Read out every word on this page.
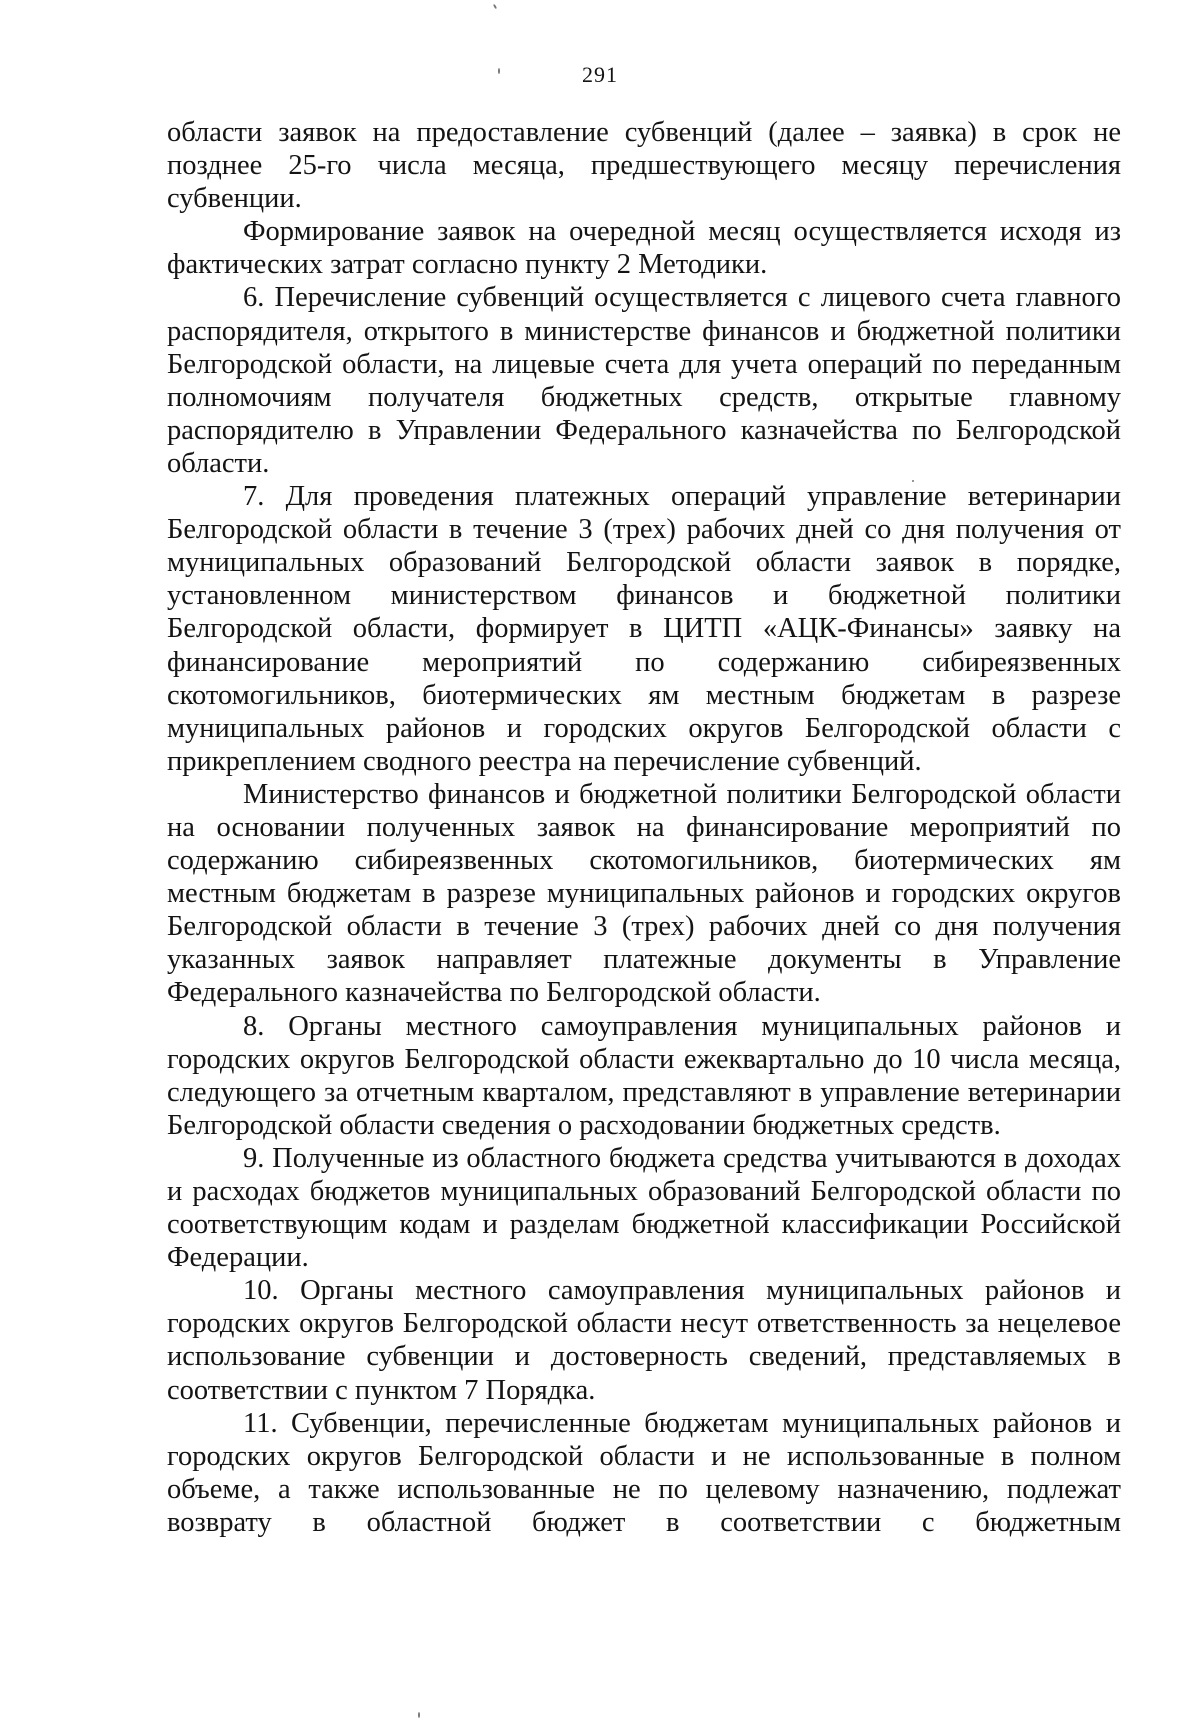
291

области заявок на предоставление субвенций (далее – заявка) в срок не позднее 25-го числа месяца, предшествующего месяцу перечисления субвенции.

Формирование заявок на очередной месяц осуществляется исходя из фактических затрат согласно пункту 2 Методики.

6. Перечисление субвенций осуществляется с лицевого счета главного распорядителя, открытого в министерстве финансов и бюджетной политики Белгородской области, на лицевые счета для учета операций по переданным полномочиям получателя бюджетных средств, открытые главному распорядителю в Управлении Федерального казначейства по Белгородской области.

7. Для проведения платежных операций управление ветеринарии Белгородской области в течение 3 (трех) рабочих дней со дня получения от муниципальных образований Белгородской области заявок в порядке, установленном министерством финансов и бюджетной политики Белгородской области, формирует в ЦИТП «АЦК-Финансы» заявку на финансирование мероприятий по содержанию сибиреязвенных скотомогильников, биотермических ям местным бюджетам в разрезе муниципальных районов и городских округов Белгородской области с прикреплением сводного реестра на перечисление субвенций.

Министерство финансов и бюджетной политики Белгородской области на основании полученных заявок на финансирование мероприятий по содержанию сибиреязвенных скотомогильников, биотермических ям местным бюджетам в разрезе муниципальных районов и городских округов Белгородской области в течение 3 (трех) рабочих дней со дня получения указанных заявок направляет платежные документы в Управление Федерального казначейства по Белгородской области.

8. Органы местного самоуправления муниципальных районов и городских округов Белгородской области ежеквартально до 10 числа месяца, следующего за отчетным кварталом, представляют в управление ветеринарии Белгородской области сведения о расходовании бюджетных средств.

9. Полученные из областного бюджета средства учитываются в доходах и расходах бюджетов муниципальных образований Белгородской области по соответствующим кодам и разделам бюджетной классификации Российской Федерации.

10. Органы местного самоуправления муниципальных районов и городских округов Белгородской области несут ответственность за нецелевое использование субвенции и достоверность сведений, представляемых в соответствии с пунктом 7 Порядка.

11. Субвенции, перечисленные бюджетам муниципальных районов и городских округов Белгородской области и не использованные в полном объеме, а также использованные не по целевому назначению, подлежат возврату в областной бюджет в соответствии с бюджетным
